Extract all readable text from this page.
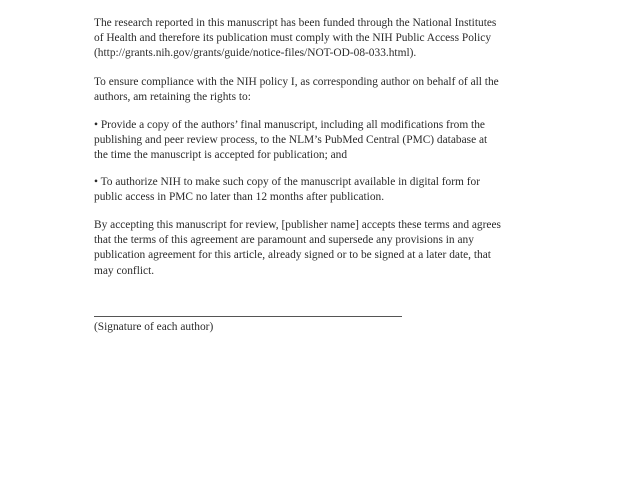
The research reported in this manuscript has been funded through the National Institutes
of Health and therefore its publication must comply with the NIH Public Access Policy
(http://grants.nih.gov/grants/guide/notice-files/NOT-OD-08-033.html).

To ensure compliance with the NIH policy I, as corresponding author on behalf of all the
authors, am retaining the rights to:

• Provide a copy of the authors’ final manuscript, including all modifications from the
publishing and peer review process, to the NLM’s PubMed Central (PMC) database at
the time the manuscript is accepted for publication; and

• To authorize NIH to make such copy of the manuscript available in digital form for
public access in PMC no later than 12 months after publication.

By accepting this manuscript for review, [publisher name] accepts these terms and agrees
that the terms of this agreement are paramount and supersede any provisions in any
publication agreement for this article, already signed or to be signed at a later date, that
may conflict.

(Signature of each author)
